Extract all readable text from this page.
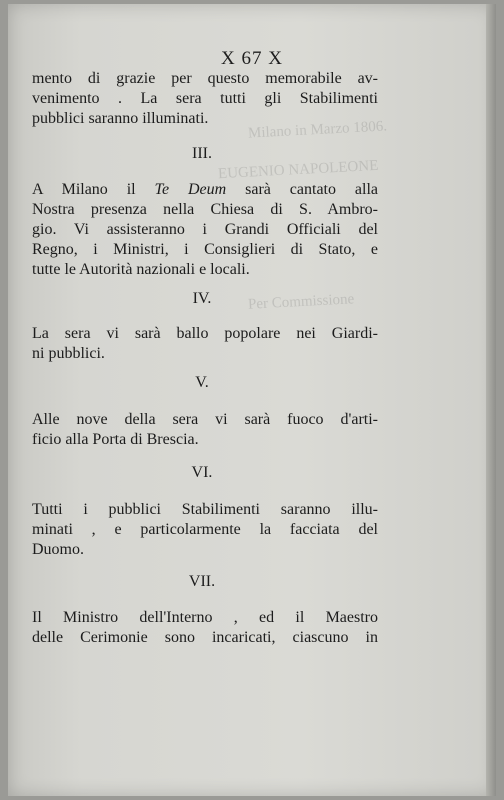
Milano in Marzo 1806.
EUGENIO NAPOLEONE
Per Commissione
X 67 X
mento di grazie per questo memorabile av-
venimento . La sera tutti gli Stabilimenti
pubblici saranno illuminati.
III.
A Milano il Te Deum sarà cantato alla
Nostra presenza nella Chiesa di S. Ambro-
gio. Vi assisteranno i Grandi Officiali del
Regno, i Ministri, i Consiglieri di Stato, e
tutte le Autorità nazionali e locali.
IV.
La sera vi sarà ballo popolare nei Giardi-
ni pubblici.
V.
Alle nove della sera vi sarà fuoco d'arti-
ficio alla Porta di Brescia.
VI.
Tutti i pubblici Stabilimenti saranno illu-
minati , e particolarmente la facciata del
Duomo.
VII.
Il Ministro dell'Interno , ed il Maestro
delle Cerimonie sono incaricati, ciascuno in
